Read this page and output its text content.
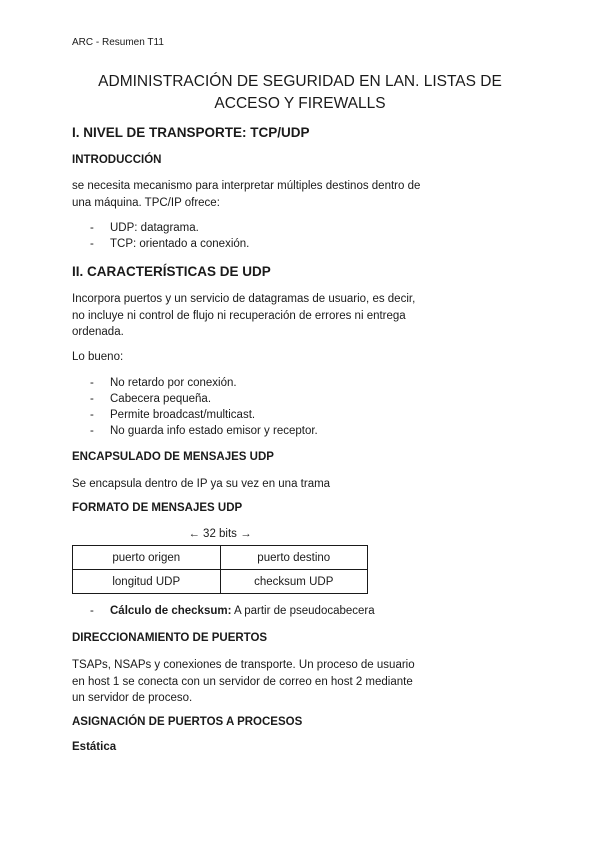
ARC - Resumen T11
ADMINISTRACIÓN DE SEGURIDAD EN LAN. LISTAS DE
ACCESO Y FIREWALLS
I. NIVEL DE TRANSPORTE: TCP/UDP
INTRODUCCIÓN
se necesita mecanismo para interpretar múltiples destinos dentro de
una máquina. TPC/IP ofrece:
- UDP: datagrama.
- TCP: orientado a conexión.
II. CARACTERÍSTICAS DE UDP
Incorpora puertos y un servicio de datagramas de usuario, es decir,
no incluye ni control de flujo ni recuperación de errores ni entrega
ordenada.
Lo bueno:
- No retardo por conexión.
- Cabecera pequeña.
- Permite broadcast/multicast.
- No guarda info estado emisor y receptor.
ENCAPSULADO DE MENSAJES UDP
Se encapsula dentro de IP ya su vez en una trama
FORMATO DE MENSAJES UDP
← 32 bits →
puerto origen	puerto destino
longitud UDP	checksum UDP
- Cálculo de checksum: A partir de pseudocabecera
DIRECCIONAMIENTO DE PUERTOS
TSAPs, NSAPs y conexiones de transporte. Un proceso de usuario
en host 1 se conecta con un servidor de correo en host 2 mediante
un servidor de proceso.
ASIGNACIÓN DE PUERTOS A PROCESOS
Estática
